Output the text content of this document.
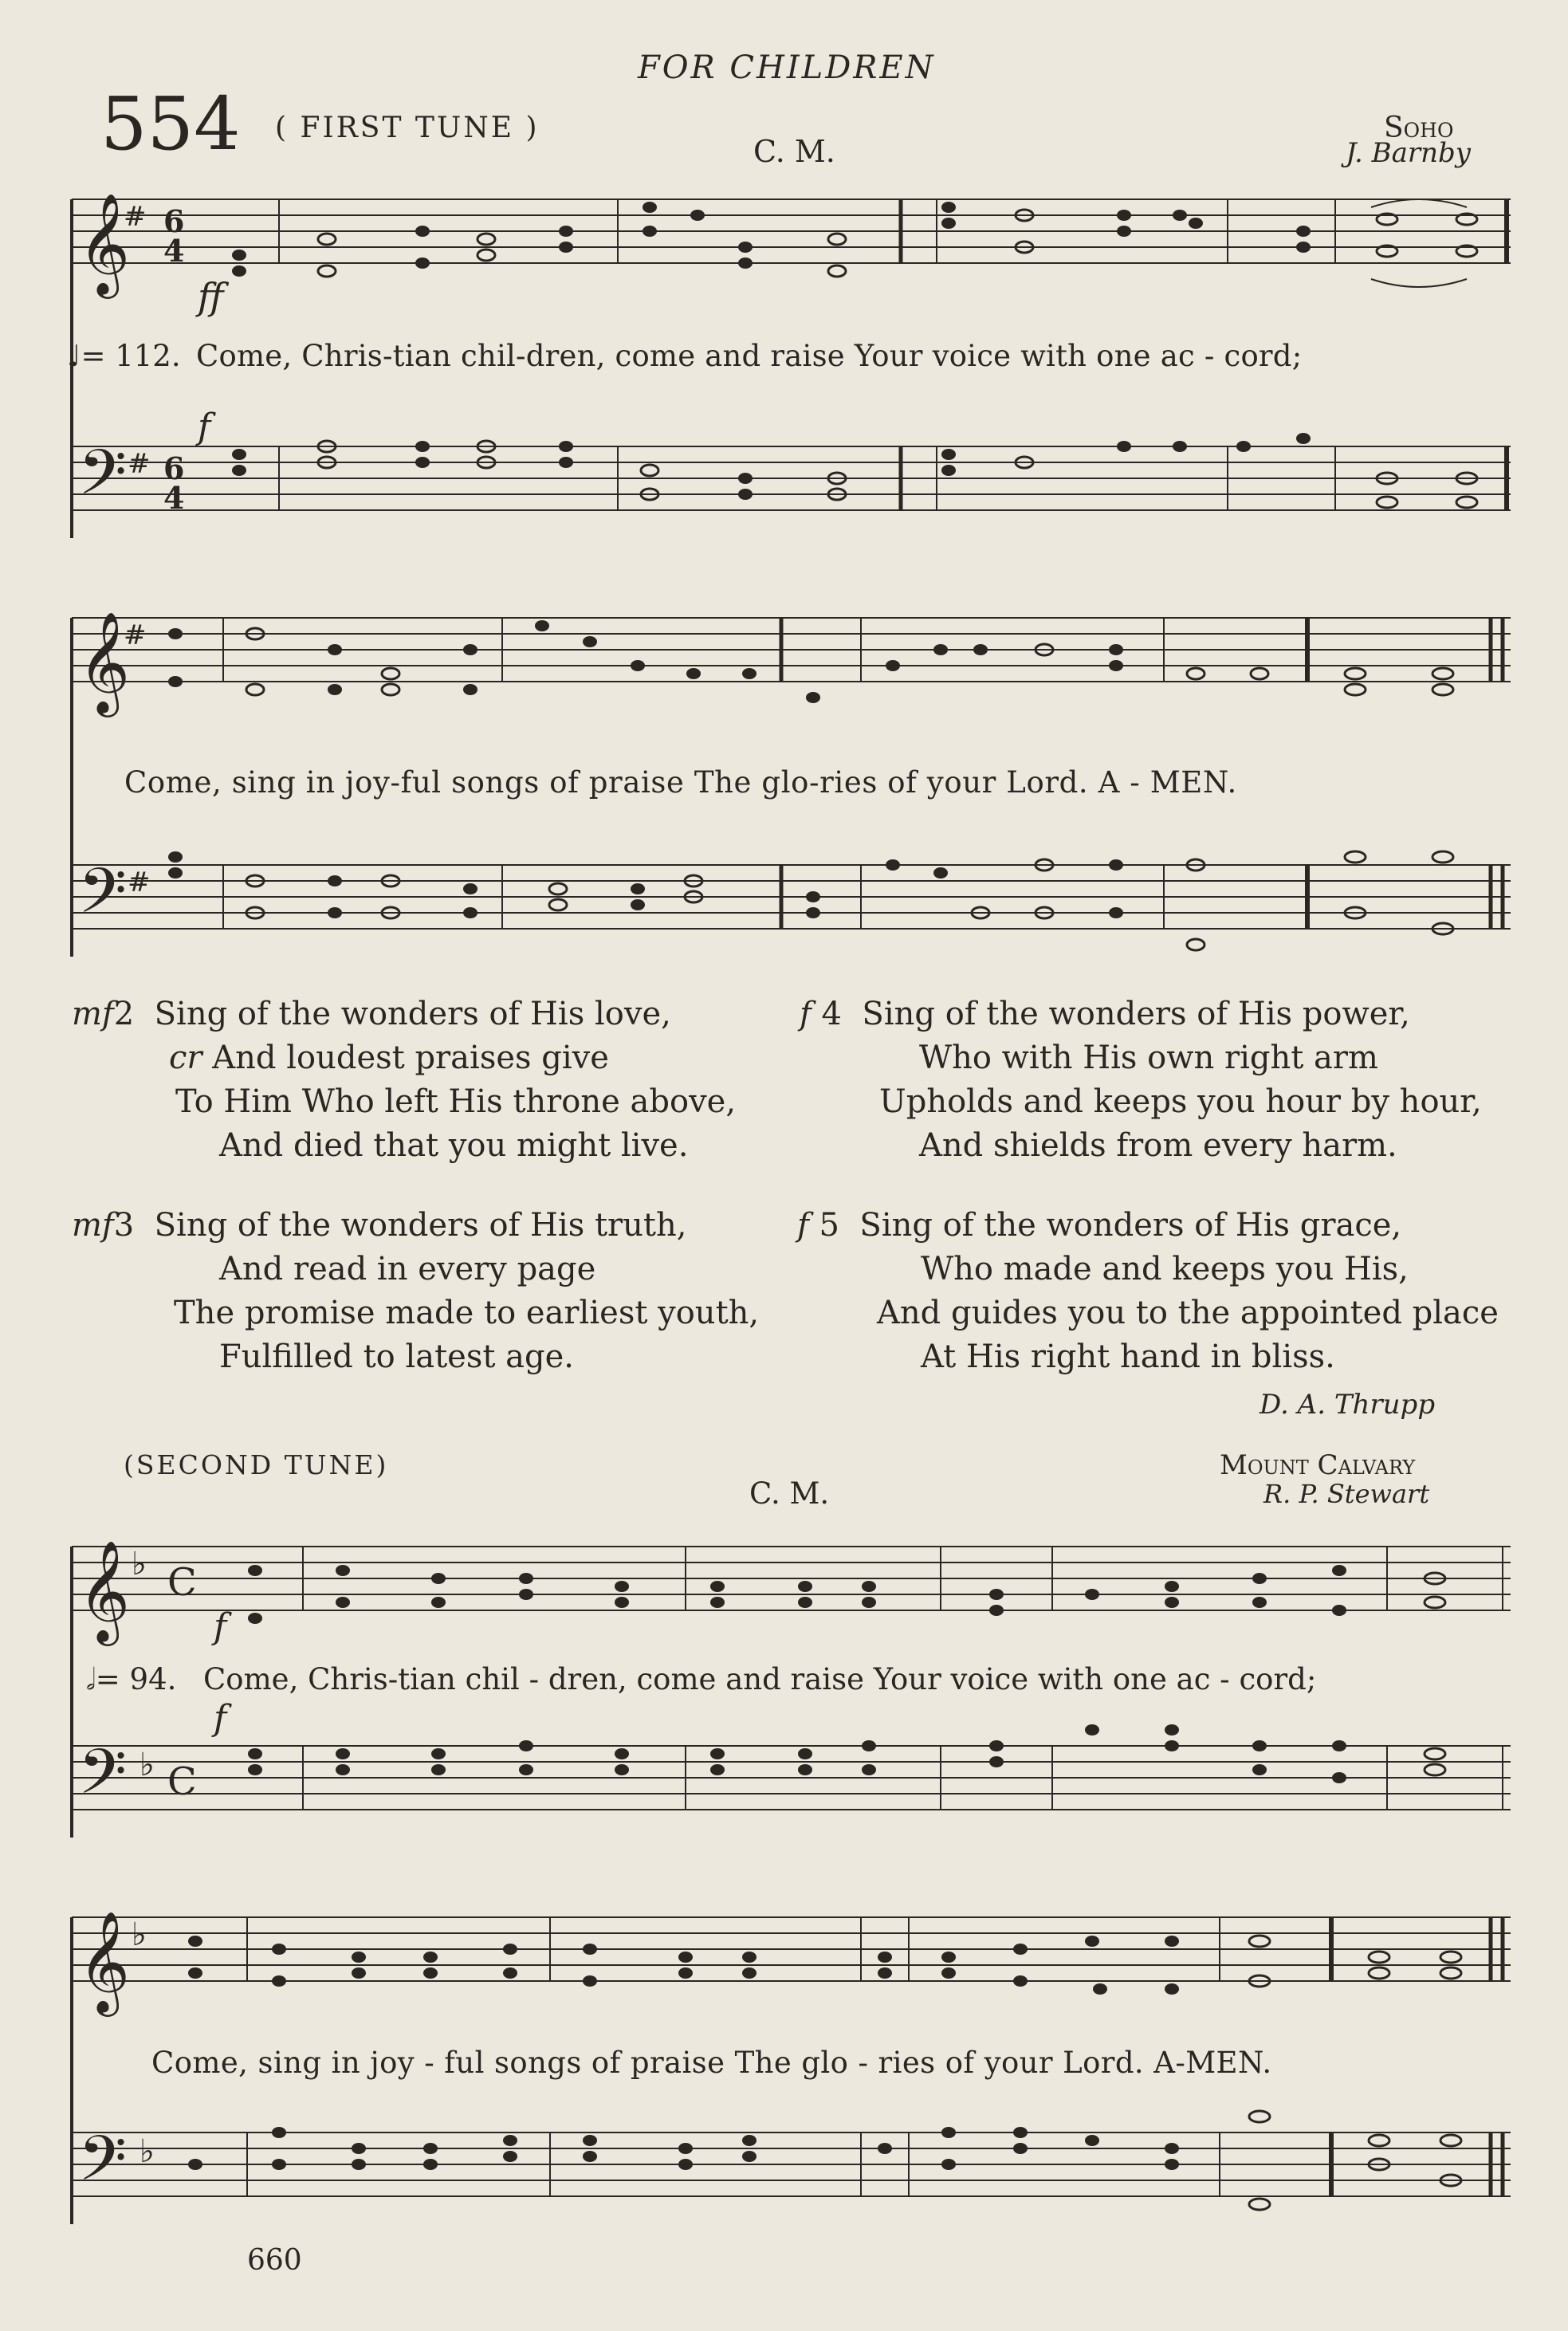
FOR CHILDREN
554 ( FIRST TUNE )
C. M.
Soho
J. Barnby
𝄞
# 6
4
𝄢 # 6
4
ff
f
♩= 112. Come, Chris-tian chil-dren, come and raise Your voice with one ac - cord;
𝄞
#
𝄢 #
Come, sing in joy-ful songs of praise The glo-ries of your Lord. A - MEN.
mf2 Sing of the wonders of His love,
cr And loudest praises give
To Him Who left His throne above,
And died that you might live.
f 4 Sing of the wonders of His power,
Who with His own right arm
Upholds and keeps you hour by hour,
And shields from every harm.
mf3 Sing of the wonders of His truth,
And read in every page
The promise made to earliest youth,
Fulfilled to latest age.
f 5 Sing of the wonders of His grace,
Who made and keeps you His,
And guides you to the appointed place
At His right hand in bliss.
D. A. Thrupp
(SECOND TUNE)
C. M.
Mount Calvary
R. P. Stewart
𝄞 ♭ C
𝄢 ♭ C
f
f
𝅗𝅥= 94. Come, Chris-tian chil - dren, come and raise Your voice with one ac - cord;
𝄞 ♭
𝄢 ♭
Come, sing in joy - ful songs of praise The glo - ries of your Lord. A-MEN.
660
